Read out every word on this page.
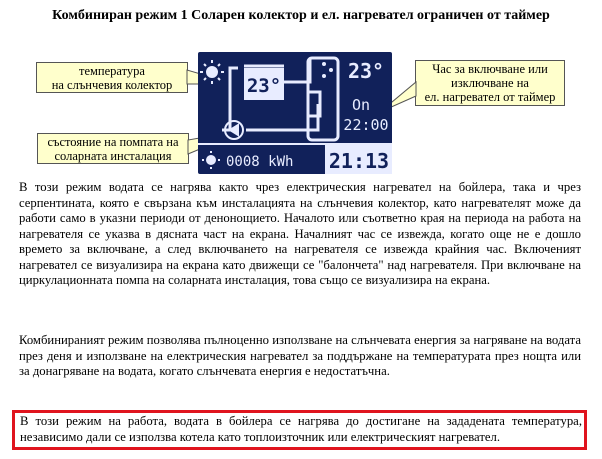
Комбиниран режим 1 Соларен колектор и ел. нагревател ограничен от таймер
температура
на слънчевия колектор
състояние на помпата на
соларната инсталация
Час за включване или
изключване на
ел. нагревател от таймер
23°
23°
On
22:00
0008 kWh 21:13

В този режим водата се нагрява както чрез електрическия нагревател на бойлера, така и чрез серпентината, която е свързана към инсталацията на слънчевия колектор, като нагревателят може да работи само в указни периоди от денонощието. Началото или съответно края на периода на работа на нагревателя се указва в дясната част на екрана. Началният час се извежда, когато още не е дошло времето за включване, а след включването на нагревателя се извежда крайния час. Включеният нагревател се визуализира на екрана като движещи се "балончета" над нагревателя. При включване на циркулационната помпа на соларната инсталация, това също се визуализира на екрана.

Комбинираният режим позволява пълноценно използване на слънчевата енергия за нагряване на водата през деня и използване на електрическия нагревател за поддържане на температурата през нощта или за донагряване на водата, когато слънчевата енергия е недостатъчна.

В този режим на работа, водата в бойлера се нагрява до достигане на зададената температура, независимо дали се използва котела като топлоизточник или електрическият нагревател.
